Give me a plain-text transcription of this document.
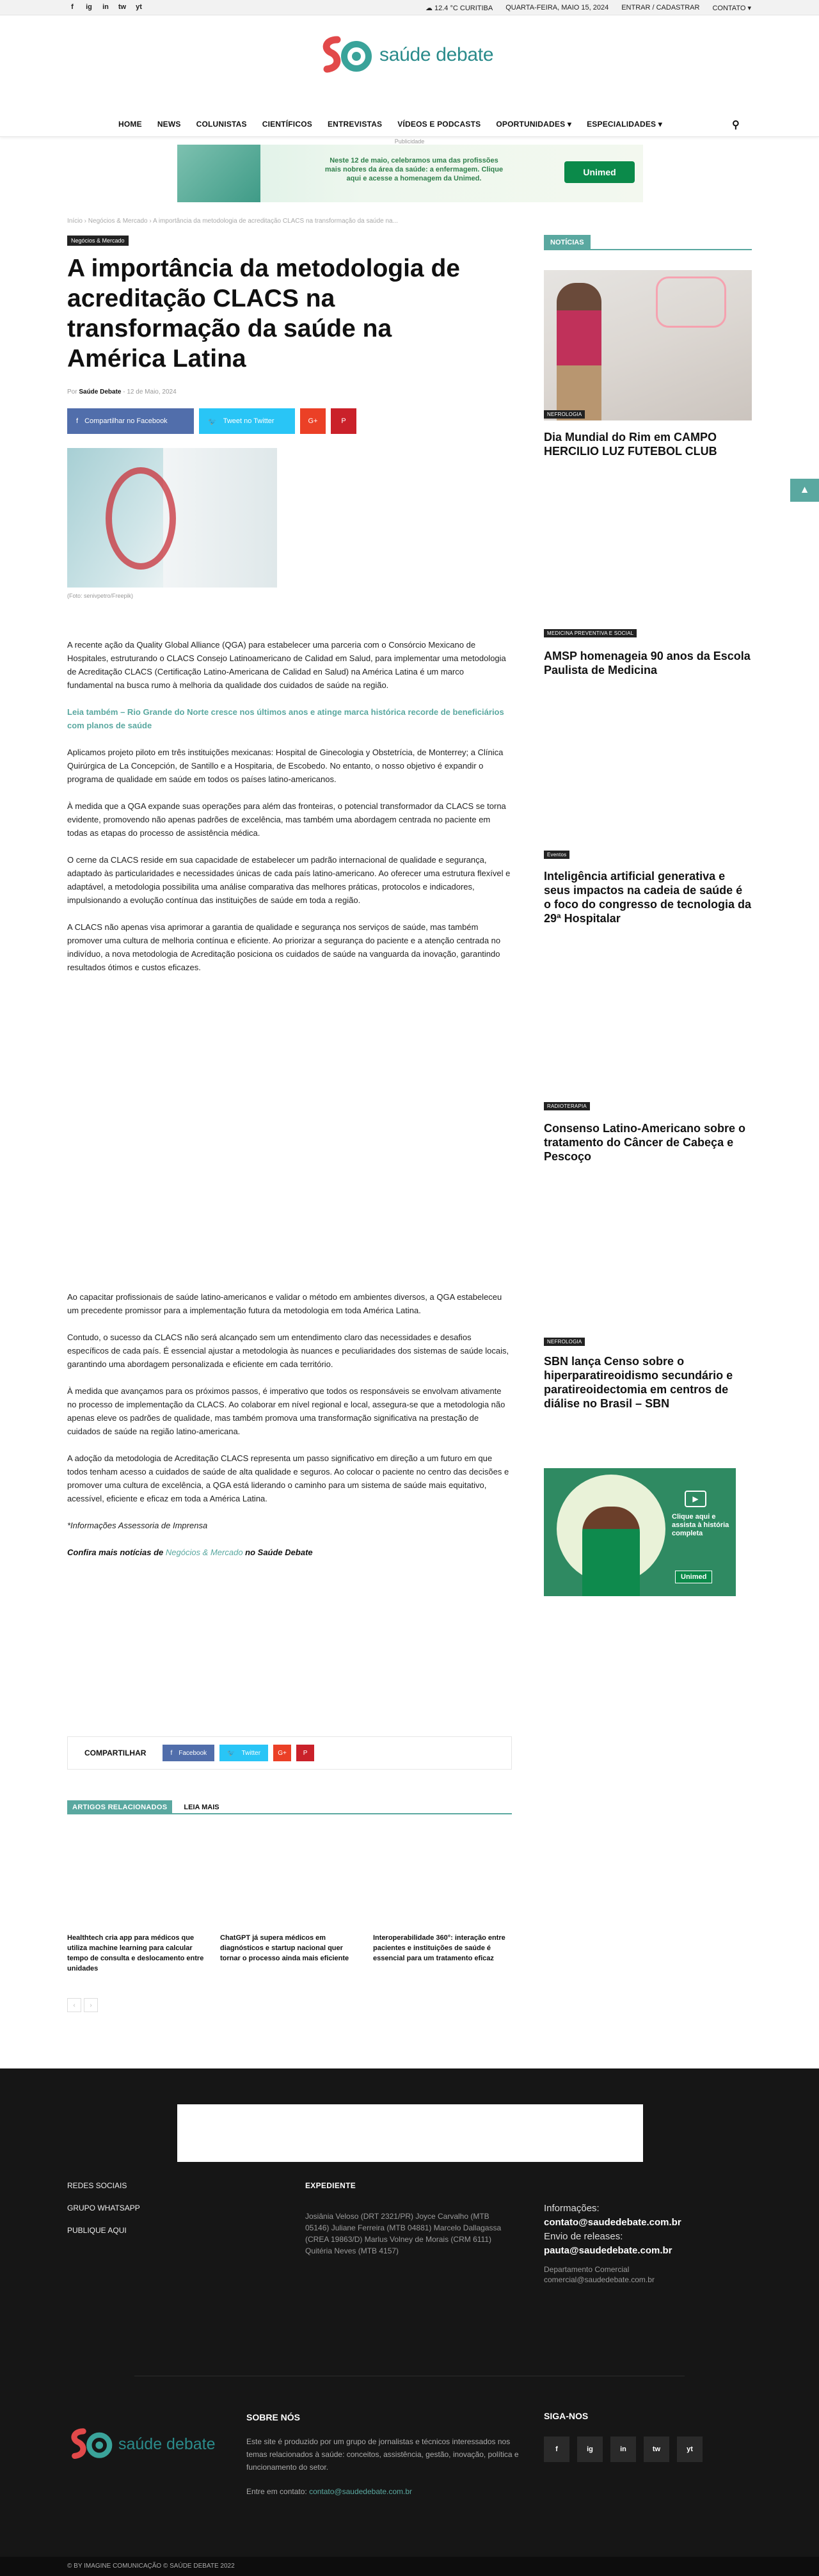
f	ig in tw yt	☁ 12.4 °C CURITIBA QUARTA-FEIRA, MAIO 15, 2024 ENTRAR / CADASTRAR CONTATO ▾
saúde debate
HOME NEWS COLUNISTAS CIENTÍFICOS ENTREVISTAS VÍDEOS E PODCASTS OPORTUNIDADES ▾ ESPECIALIDADES ▾	⚲
Publicidade
Neste 12 de maio, celebramos uma das profissões mais nobres da área da saúde: a enfermagem. Clique aqui e acesse a homenagem da Unimed.
Unimed
Início › Negócios & Mercado › A importância da metodologia de acreditação CLACS na transformação da saúde na...
Negócios & Mercado
A importância da metodologia de acreditação CLACS na transformação da saúde na América Latina
Por Saúde Debate - 12 de Maio, 2024
f Compartilhar no Facebook	🐦 Tweet no Twitter	G+	P
(Foto: senivpetro/Freepik)

A recente ação da Quality Global Alliance (QGA) para estabelecer uma parceria com o Consórcio Mexicano de Hospitales, estruturando o CLACS Consejo Latinoamericano de Calidad em Salud, para implementar uma metodologia de Acreditação CLACS (Certificação Latino-Americana de Calidad en Salud) na América Latina é um marco fundamental na busca rumo à melhoria da qualidade dos cuidados de saúde na região.

Leia também – Rio Grande do Norte cresce nos últimos anos e atinge marca histórica recorde de beneficiários com planos de saúde

Aplicamos projeto piloto em três instituições mexicanas: Hospital de Ginecologia y Obstetrícia, de Monterrey; a Clínica Quirúrgica de La Concepción, de Santillo e a Hospitaria, de Escobedo. No entanto, o nosso objetivo é expandir o programa de qualidade em saúde em todos os países latino-americanos.

À medida que a QGA expande suas operações para além das fronteiras, o potencial transformador da CLACS se torna evidente, promovendo não apenas padrões de excelência, mas também uma abordagem centrada no paciente em todas as etapas do processo de assistência médica.

O cerne da CLACS reside em sua capacidade de estabelecer um padrão internacional de qualidade e segurança, adaptado às particularidades e necessidades únicas de cada país latino-americano. Ao oferecer uma estrutura flexível e adaptável, a metodologia possibilita uma análise comparativa das melhores práticas, protocolos e indicadores, impulsionando a evolução contínua das instituições de saúde em toda a região.

A CLACS não apenas visa aprimorar a garantia de qualidade e segurança nos serviços de saúde, mas também promover uma cultura de melhoria contínua e eficiente. Ao priorizar a segurança do paciente e a atenção centrada no indivíduo, a nova metodologia de Acreditação posiciona os cuidados de saúde na vanguarda da inovação, garantindo resultados ótimos e custos eficazes.

Ao capacitar profissionais de saúde latino-americanos e validar o método em ambientes diversos, a QGA estabeleceu um precedente promissor para a implementação futura da metodologia em toda América Latina.

Contudo, o sucesso da CLACS não será alcançado sem um entendimento claro das necessidades e desafios específicos de cada país. É essencial ajustar a metodologia às nuances e peculiaridades dos sistemas de saúde locais, garantindo uma abordagem personalizada e eficiente em cada território.

À medida que avançamos para os próximos passos, é imperativo que todos os responsáveis se envolvam ativamente no processo de implementação da CLACS. Ao colaborar em nível regional e local, assegura-se que a metodologia não apenas eleve os padrões de qualidade, mas também promova uma transformação significativa na prestação de cuidados de saúde na região latino-americana.

A adoção da metodologia de Acreditação CLACS representa um passo significativo em direção a um futuro em que todos tenham acesso a cuidados de saúde de alta qualidade e seguros. Ao colocar o paciente no centro das decisões e promover uma cultura de excelência, a QGA está liderando o caminho para um sistema de saúde mais equitativo, acessível, eficiente e eficaz em toda a América Latina.

*Informações Assessoria de Imprensa

Confira mais notícias de Negócios & Mercado no Saúde Debate

COMPARTILHAR	f Facebook	🐦 Twitter	G+	P
ARTIGOS RELACIONADOS	LEIA MAIS
Healthtech cria app para médicos que utiliza machine learning para calcular tempo de consulta e deslocamento entre unidades
ChatGPT já supera médicos em diagnósticos e startup nacional quer tornar o processo ainda mais eficiente
Interoperabilidade 360°: interação entre pacientes e instituições de saúde é essencial para um tratamento eficaz
‹	›
NOTÍCIAS
NEFROLOGIA
Dia Mundial do Rim em CAMPO HERCILIO LUZ FUTEBOL CLUB
MEDICINA PREVENTIVA E SOCIAL
AMSP homenageia 90 anos da Escola Paulista de Medicina
Eventos
Inteligência artificial generativa e seus impactos na cadeia de saúde é o foco do congresso de tecnologia da 29ª Hospitalar
RADIOTERAPIA
Consenso Latino-Americano sobre o tratamento do Câncer de Cabeça e Pescoço
NEFROLOGIA
SBN lança Censo sobre o hiperparatireoidismo secundário e paratireoidectomia em centros de diálise no Brasil – SBN
▶
Clique aqui e assista à história completa
Unimed
▲
REDES SOCIAIS
GRUPO WHATSAPP
PUBLIQUE AQUI
EXPEDIENTE

Josiânia Veloso (DRT 2321/PR) Joyce Carvalho (MTB 05146) Juliane Ferreira (MTB 04881) Marcelo Dallagassa (CREA 19863/D) Marlus Volney de Morais (CRM 6111) Quitéria Neves (MTB 4157)

Informações:
contato@saudedebate.com.br
Envio de releases:
pauta@saudedebate.com.br
Departamento Comercial
comercial@saudedebate.com.br
saúde debate
SOBRE NÓS

Este site é produzido por um grupo de jornalistas e técnicos interessados nos temas relacionados à saúde: conceitos, assistência, gestão, inovação, política e funcionamento do setor.

Entre em contato: contato@saudedebate.com.br

SIGA-NOS
f	ig	in	tw	yt
© BY IMAGINE COMUNICAÇÃO © SAÚDE DEBATE 2022
